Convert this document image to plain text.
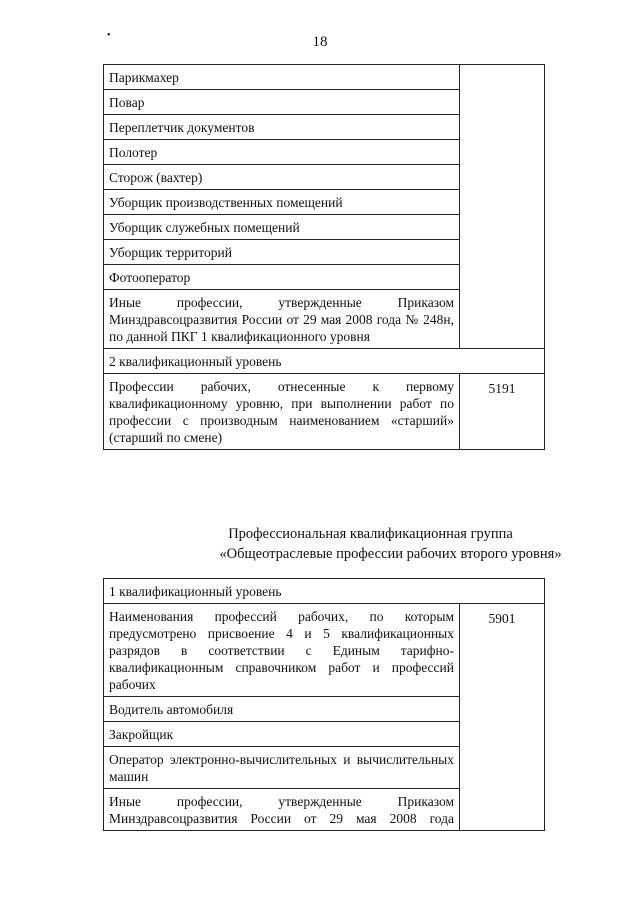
•	18
Парикмахер	
Повар	
Переплетчик документов	
Полотер	
Сторож (вахтер)	
Уборщик производственных помещений	
Уборщик служебных помещений	
Уборщик территорий	
Фотооператор	
Иные профессии, утвержденные Приказом Минздравсоцразвития России от 29 мая 2008 года № 248н, по данной ПКГ 1 квалификационного уровня	
2 квалификационный уровень	
Профессии рабочих, отнесенные к первому квалификационному уровню, при выполнении работ по профессии с производным наименованием «старший» (старший по смене)	5191
Профессиональная квалификационная группа
«Общеотраслевые профессии рабочих второго уровня»
1 квалификационный уровень
Наименования профессий рабочих, по которым предусмотрено присвоение 4 и 5 квалификационных разрядов в соответствии с Единым тарифно-квалификационным справочником работ и профессий рабочих	5901
Водитель автомобиля
Закройщик
Оператор электронно-вычислительных и вычислительных машин
Иные профессии, утвержденные Приказом Минздравсоцразвития России от 29 мая 2008 года
